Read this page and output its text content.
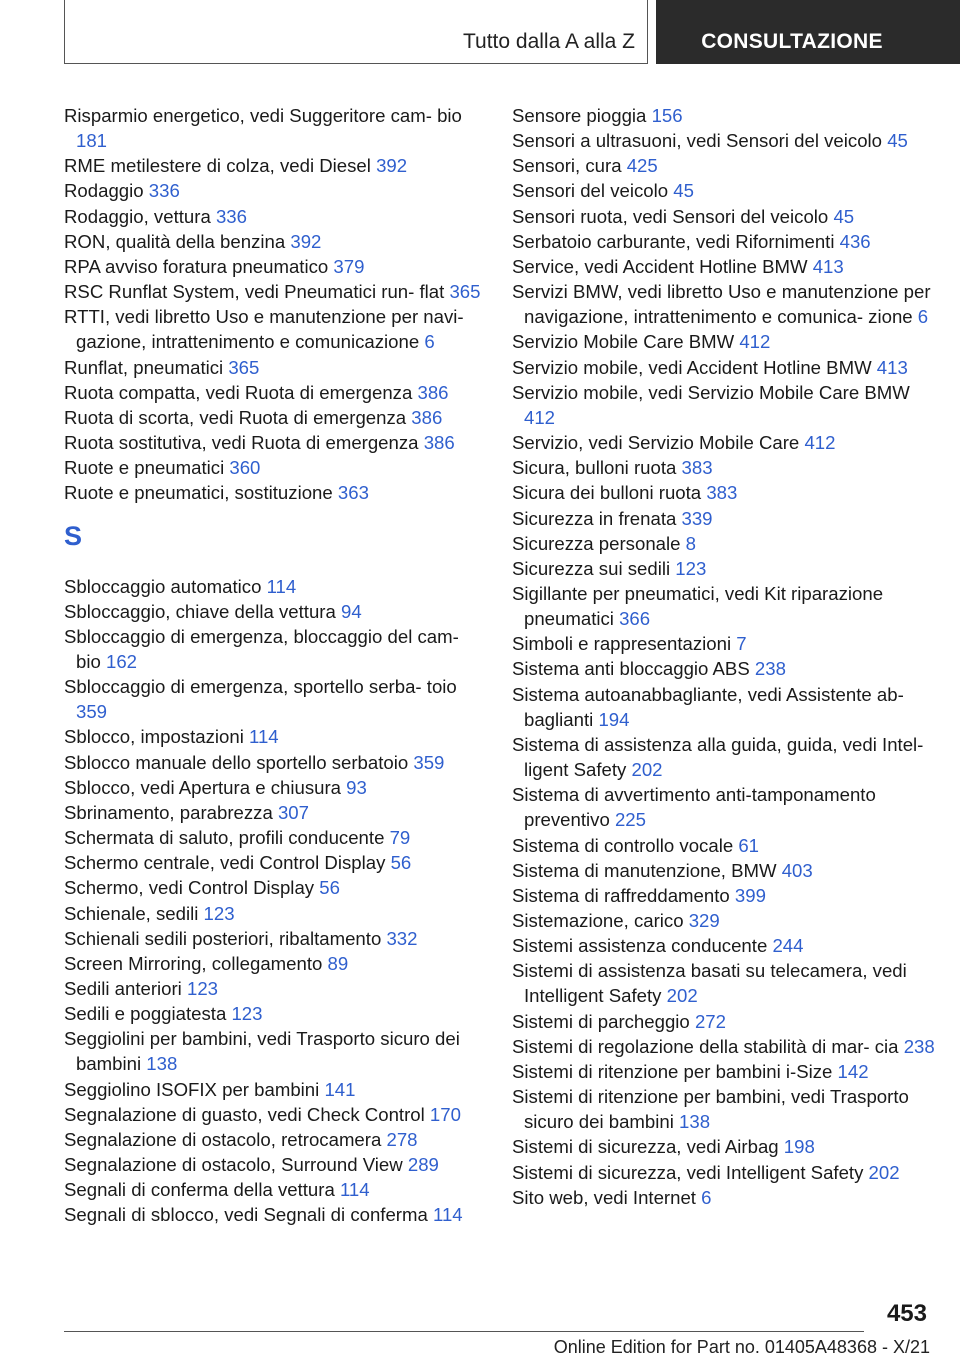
Tutto dalla A alla Z	CONSULTAZIONE
Risparmio energetico, vedi Suggeritore cam‐ bio 181
RME metilestere di colza, vedi Diesel 392
Rodaggio 336
Rodaggio, vettura 336
RON, qualità della benzina 392
RPA avviso foratura pneumatico 379
RSC Runflat System, vedi Pneumatici run‐ flat 365
RTTI, vedi libretto Uso e manutenzione per navi‐ gazione, intrattenimento e comunicazione 6
Runflat, pneumatici 365
Ruota compatta, vedi Ruota di emergenza 386
Ruota di scorta, vedi Ruota di emergenza 386
Ruota sostitutiva, vedi Ruota di emergenza 386
Ruote e pneumatici 360
Ruote e pneumatici, sostituzione 363
S
Sbloccaggio automatico 114
Sbloccaggio, chiave della vettura 94
Sbloccaggio di emergenza, bloccaggio del cam‐ bio 162
Sbloccaggio di emergenza, sportello serba‐ toio 359
Sblocco, impostazioni 114
Sblocco manuale dello sportello serbatoio 359
Sblocco, vedi Apertura e chiusura 93
Sbrinamento, parabrezza 307
Schermata di saluto, profili conducente 79
Schermo centrale, vedi Control Display 56
Schermo, vedi Control Display 56
Schienale, sedili 123
Schienali sedili posteriori, ribaltamento 332
Screen Mirroring, collegamento 89
Sedili anteriori 123
Sedili e poggiatesta 123
Seggiolini per bambini, vedi Trasporto sicuro dei bambini 138
Seggiolino ISOFIX per bambini 141
Segnalazione di guasto, vedi Check Control 170
Segnalazione di ostacolo, retrocamera 278
Segnalazione di ostacolo, Surround View 289
Segnali di conferma della vettura 114
Segnali di sblocco, vedi Segnali di conferma 114
Sensore pioggia 156
Sensori a ultrasuoni, vedi Sensori del veicolo 45
Sensori, cura 425
Sensori del veicolo 45
Sensori ruota, vedi Sensori del veicolo 45
Serbatoio carburante, vedi Rifornimenti 436
Service, vedi Accident Hotline BMW 413
Servizi BMW, vedi libretto Uso e manutenzione per navigazione, intrattenimento e comunica‐ zione 6
Servizio Mobile Care BMW 412
Servizio mobile, vedi Accident Hotline BMW 413
Servizio mobile, vedi Servizio Mobile Care BMW 412
Servizio, vedi Servizio Mobile Care 412
Sicura, bulloni ruota 383
Sicura dei bulloni ruota 383
Sicurezza in frenata 339
Sicurezza personale 8
Sicurezza sui sedili 123
Sigillante per pneumatici, vedi Kit riparazione pneumatici 366
Simboli e rappresentazioni 7
Sistema anti bloccaggio ABS 238
Sistema autoanabbagliante, vedi Assistente ab‐ baglianti 194
Sistema di assistenza alla guida, guida, vedi Intel‐ ligent Safety 202
Sistema di avvertimento anti-tamponamento preventivo 225
Sistema di controllo vocale 61
Sistema di manutenzione, BMW 403
Sistema di raffreddamento 399
Sistemazione, carico 329
Sistemi assistenza conducente 244
Sistemi di assistenza basati su telecamera, vedi Intelligent Safety 202
Sistemi di parcheggio 272
Sistemi di regolazione della stabilità di mar‐ cia 238
Sistemi di ritenzione per bambini i-Size 142
Sistemi di ritenzione per bambini, vedi Trasporto sicuro dei bambini 138
Sistemi di sicurezza, vedi Airbag 198
Sistemi di sicurezza, vedi Intelligent Safety 202
Sito web, vedi Internet 6
453
Online Edition for Part no. 01405A48368 - X/21
